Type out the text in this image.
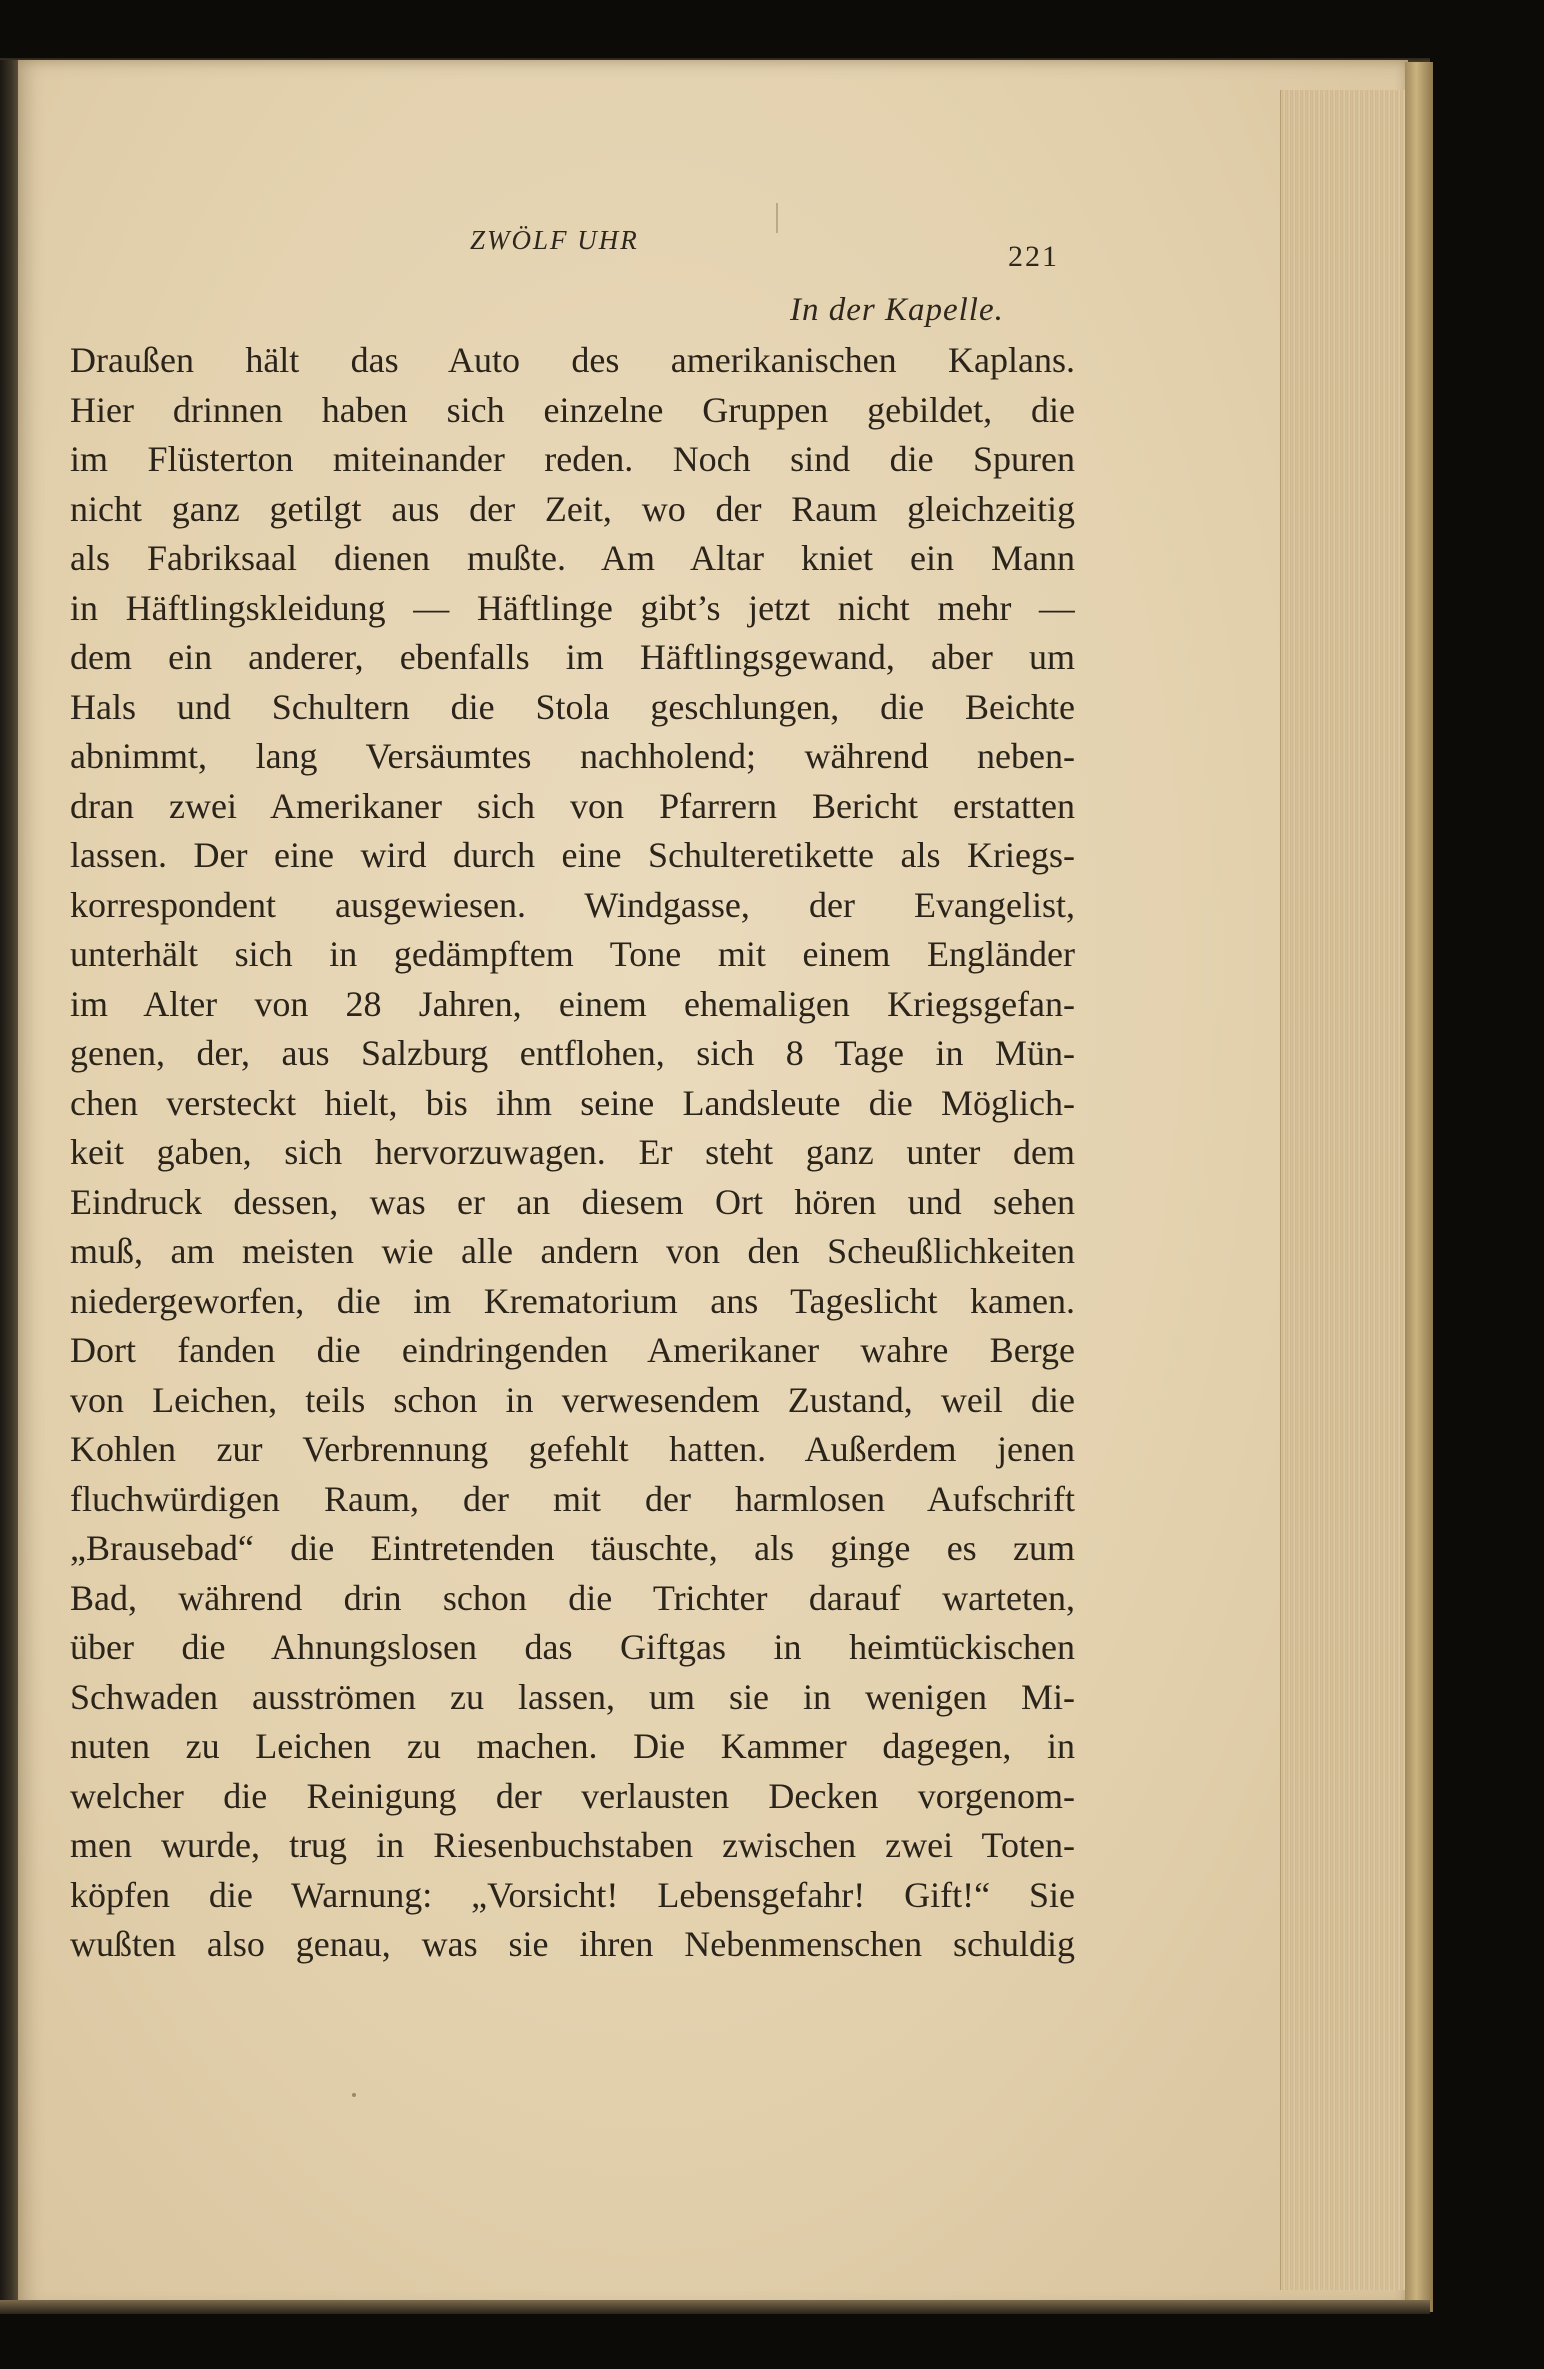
ZWÖLF UHR	221
In der Kapelle.
Draußen hält das Auto des amerikanischen Kaplans.
Hier drinnen haben sich einzelne Gruppen gebildet, die
im Flüsterton miteinander reden. Noch sind die Spuren
nicht ganz getilgt aus der Zeit, wo der Raum gleichzeitig
als Fabriksaal dienen mußte. Am Altar kniet ein Mann
in Häftlingskleidung — Häftlinge gibt’s jetzt nicht mehr —
dem ein anderer, ebenfalls im Häftlingsgewand, aber um
Hals und Schultern die Stola geschlungen, die Beichte
abnimmt, lang Versäumtes nachholend; während neben-
dran zwei Amerikaner sich von Pfarrern Bericht erstatten
lassen. Der eine wird durch eine Schulteretikette als Kriegs-
korrespondent ausgewiesen. Windgasse, der Evangelist,
unterhält sich in gedämpftem Tone mit einem Engländer
im Alter von 28 Jahren, einem ehemaligen Kriegsgefan-
genen, der, aus Salzburg entflohen, sich 8 Tage in Mün-
chen versteckt hielt, bis ihm seine Landsleute die Möglich-
keit gaben, sich hervorzuwagen. Er steht ganz unter dem
Eindruck dessen, was er an diesem Ort hören und sehen
muß, am meisten wie alle andern von den Scheußlichkeiten
niedergeworfen, die im Krematorium ans Tageslicht kamen.
Dort fanden die eindringenden Amerikaner wahre Berge
von Leichen, teils schon in verwesendem Zustand, weil die
Kohlen zur Verbrennung gefehlt hatten. Außerdem jenen
fluchwürdigen Raum, der mit der harmlosen Aufschrift
„Brausebad“ die Eintretenden täuschte, als ginge es zum
Bad, während drin schon die Trichter darauf warteten,
über die Ahnungslosen das Giftgas in heimtückischen
Schwaden ausströmen zu lassen, um sie in wenigen Mi-
nuten zu Leichen zu machen. Die Kammer dagegen, in
welcher die Reinigung der verlausten Decken vorgenom-
men wurde, trug in Riesenbuchstaben zwischen zwei Toten-
köpfen die Warnung: „Vorsicht! Lebensgefahr! Gift!“ Sie
wußten also genau, was sie ihren Nebenmenschen schuldig
